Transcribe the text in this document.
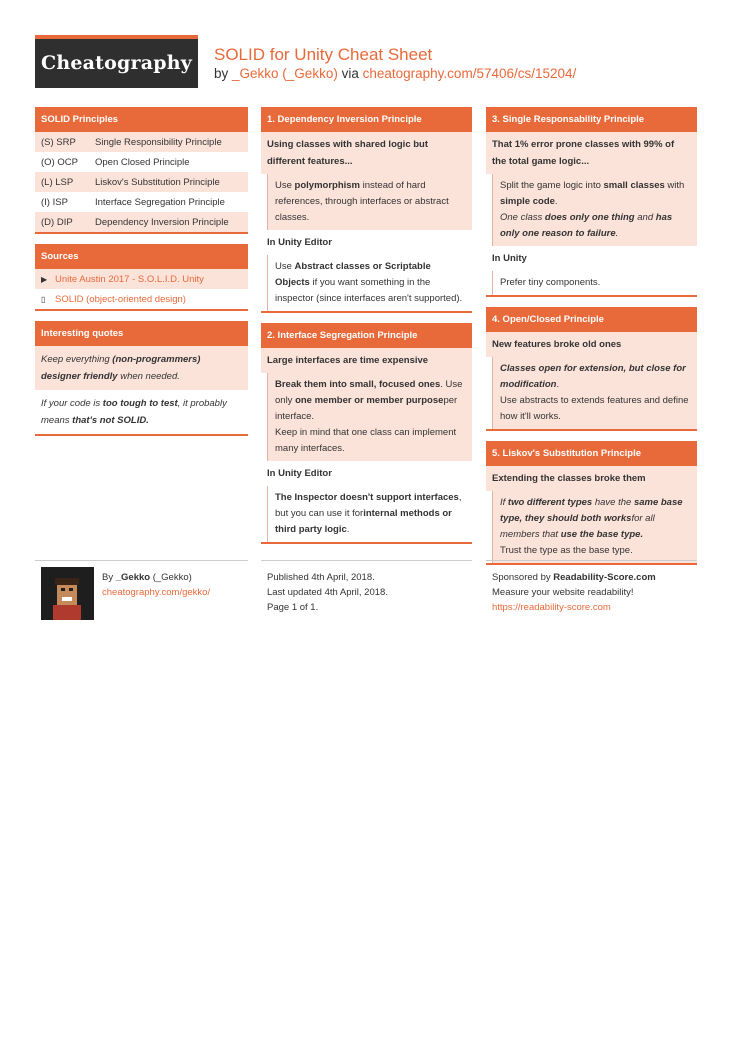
Cheatography	SOLID for Unity Cheat Sheet
by _Gekko (_Gekko) via cheatography.com/57406/cs/15204/
SOLID Principles
(S) SRP	Single Responsibility Principle
(O) OCP	Open Closed Principle
(L) LSP	Liskov's Substitution Principle
(I) ISP	Interface Segregation Principle
(D) DIP	Dependency Inversion Principle
Sources
▶ Unite Austin 2017 - S.O.L.I.D. Unity
▯	SOLID (object-oriented design)
Interesting quotes
Keep everything (non-programmers) designer friendly when needed.
If your code is too tough to test, it probably means that's not SOLID.
1. Dependency Inversion Principle
Using classes with shared logic but different features...
Use polymorphism instead of hard references, through interfaces or abstract classes.
In Unity Editor
Use Abstract classes or Scriptable Objects if you want something in the inspector (since interfaces aren't supported).
2. Interface Segregation Principle
Large interfaces are time expensive
Break them into small, focused ones. Use only one member or member purposeper interface.
Keep in mind that one class can implement many interfaces.
In Unity Editor
The Inspector doesn't support interfaces, but you can use it forinternal methods or third party logic.
3. Single Responsability Principle
That 1% error prone classes with 99% of the total game logic...
Split the game logic into small classes with simple code.
One class does only one thing and has only one reason to failure.
In Unity
Prefer tiny components.
4. Open/Closed Principle
New features broke old ones
Classes open for extension, but close for modification.
Use abstracts to extends features and define how it'll works.
5. Liskov's Substitution Principle
Extending the classes broke them
If two different types have the same base type, they should both worksfor all members that use the base type.
Trust the type as the base type.
By _Gekko (_Gekko)
cheatography.com/gekko/
Published 4th April, 2018.
Last updated 4th April, 2018.
Page 1 of 1.
Sponsored by Readability-Score.com
Measure your website readability!
https://readability-score.com
